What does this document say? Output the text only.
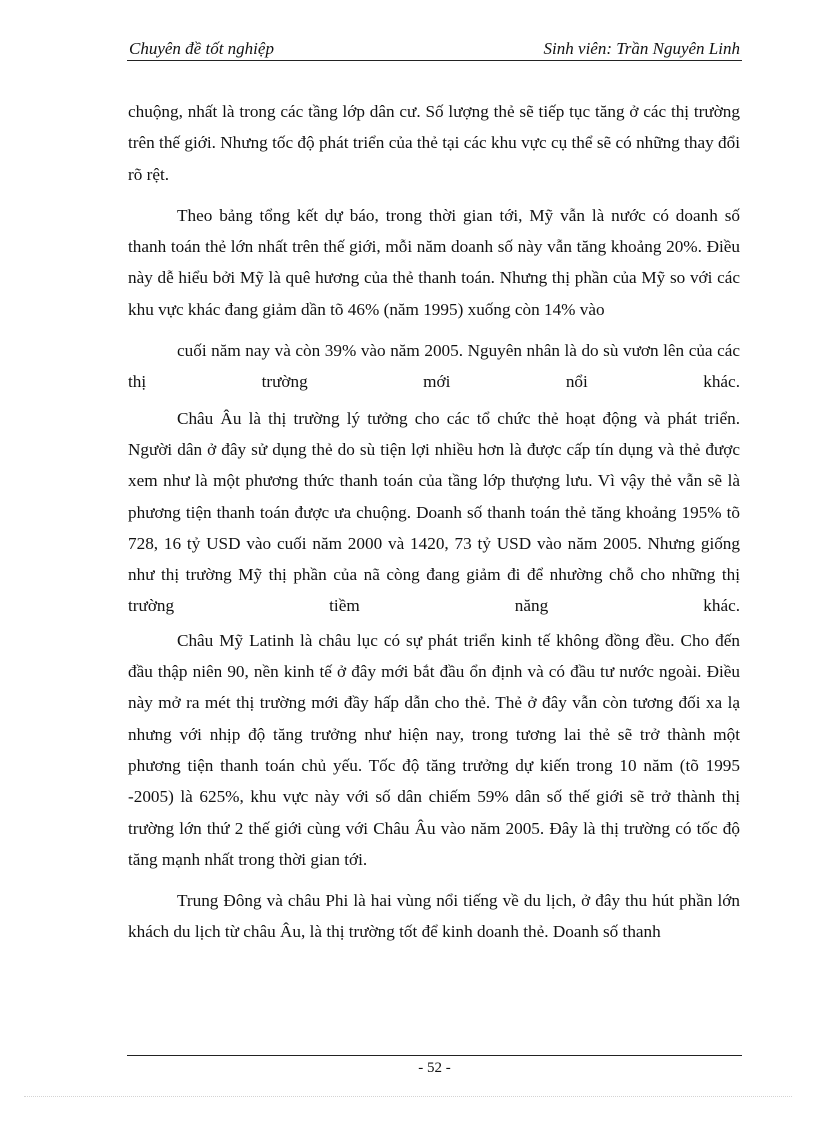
Chuyên đề tốt nghiệp	Sinh viên: Trần Nguyên Linh

chuộng, nhất là trong các tầng lớp dân cư. Số lượng thẻ sẽ tiếp tục tăng ở các thị trường trên thế giới. Nhưng tốc độ phát triển của thẻ tại các khu vực cụ thể sẽ có những thay đổi rõ rệt.

Theo bảng tổng kết dự báo, trong thời gian tới, Mỹ vẫn là nước có doanh số thanh toán thẻ lớn nhất trên thế giới, mỗi năm doanh số này vẫn tăng khoảng 20%. Điều này dễ hiểu bởi Mỹ là quê hương của thẻ thanh toán. Nhưng thị phần của Mỹ so với các khu vực khác đang giảm dần tõ 46% (năm 1995) xuống còn 14% vào

cuối năm nay và còn 39% vào năm 2005. Nguyên nhân là do sù vươn lên của các thị trường mới nổi khác.

Châu Âu là thị trường lý tưởng cho các tổ chức thẻ hoạt động và phát triển. Người dân ở đây sử dụng thẻ do sù tiện lợi nhiều hơn là được cấp tín dụng và thẻ được xem như là một phương thức thanh toán của tầng lớp thượng lưu. Vì vậy thẻ vẫn sẽ là phương tiện thanh toán được ưa chuộng. Doanh số thanh toán thẻ tăng khoảng 195% tõ 728, 16 tỷ USD vào cuối năm 2000 và 1420, 73 tỷ USD vào năm 2005. Nhưng giống như thị trường Mỹ thị phần của nã còng đang giảm đi để nhường chỗ cho những thị trường tiềm năng khác.

Châu Mỹ Latinh là châu lục có sự phát triển kinh tế không đồng đều. Cho đến đầu thập niên 90, nền kinh tế ở đây mới bắt đầu ổn định và có đầu tư nước ngoài. Điều này mở ra mét thị trường mới đầy hấp dẫn cho thẻ. Thẻ ở đây vẫn còn tương đối xa lạ nhưng với nhịp độ tăng trưởng như hiện nay, trong tương lai thẻ sẽ trở thành một phương tiện thanh toán chủ yếu. Tốc độ tăng trưởng dự kiến trong 10 năm (tõ 1995 -2005) là 625%, khu vực này với số dân chiếm 59% dân số thế giới sẽ trở thành thị trường lớn thứ 2 thế giới cùng với Châu Âu vào năm 2005. Đây là thị trường có tốc độ tăng mạnh nhất trong thời gian tới.

Trung Đông và châu Phi là hai vùng nổi tiếng về du lịch, ở đây thu hút phần lớn khách du lịch từ châu Âu, là thị trường tốt để kinh doanh thẻ. Doanh số thanh

- 52 -
